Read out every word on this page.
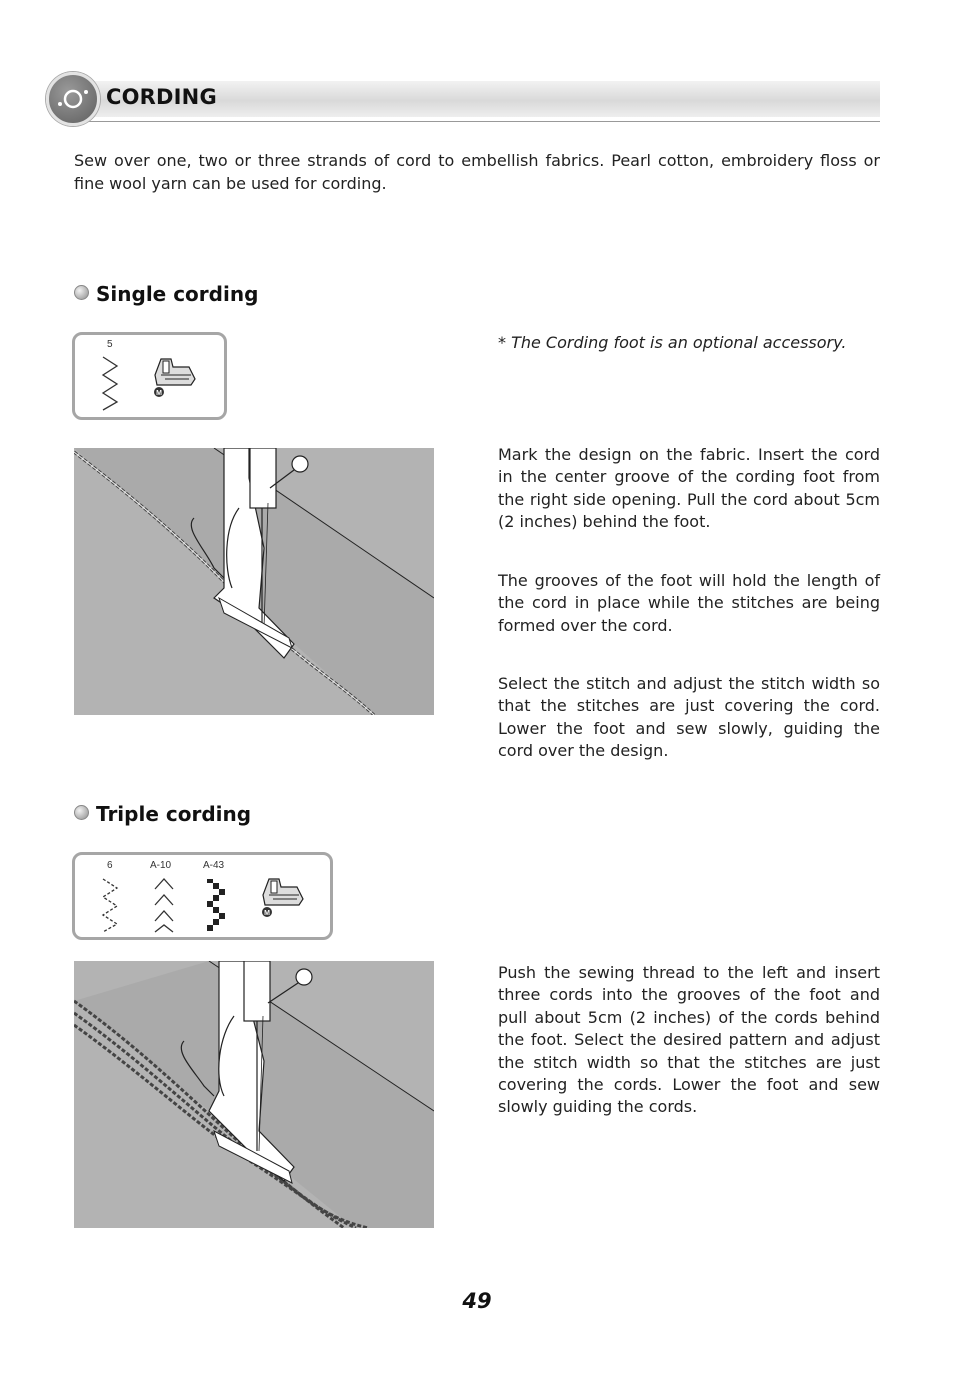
CORDING

Sew over one, two or three strands of cord to embellish fabrics. Pearl cotton, embroidery floss or fine wool yarn can be used for cording.

Single cording
5
M
* The Cording foot is an optional accessory.

Mark the design on the fabric. Insert the cord in the center groove of the cording foot from the right side opening. Pull the cord about 5cm (2 inches) behind the foot.

The grooves of the foot will hold the length of the cord in place while the stitches are being formed over the cord.

Select the stitch and adjust the stitch width so that the stitches are just covering the cord. Lower the foot and sew slowly, guiding the cord over the design.

Triple cording
6	A-10	A-43
M

Push the sewing thread to the left and insert three cords into the grooves of the foot and pull about 5cm (2 inches) of the cords behind the foot. Select the desired pattern and adjust the stitch width so that the stitches are just covering the cords. Lower the foot and sew slowly guiding the cords.

49
